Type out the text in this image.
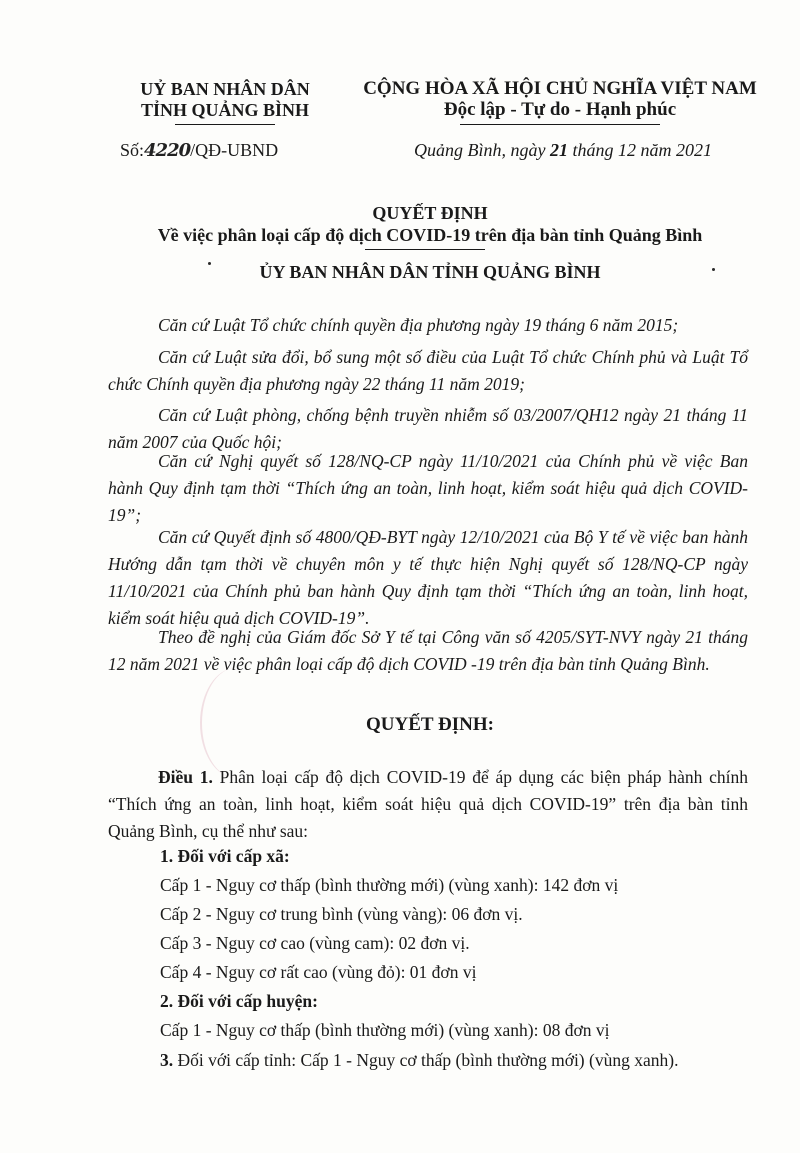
UỶ BAN NHÂN DÂN
TỈNH QUẢNG BÌNH
CỘNG HÒA XÃ HỘI CHỦ NGHĨA VIỆT NAM
Độc lập - Tự do - Hạnh phúc
Số:4220/QĐ-UBND	Quảng Bình, ngày 21 tháng 12 năm 2021
QUYẾT ĐỊNH
Về việc phân loại cấp độ dịch COVID-19 trên địa bàn tỉnh Quảng Bình
ỦY BAN NHÂN DÂN TỈNH QUẢNG BÌNH
Căn cứ Luật Tổ chức chính quyền địa phương ngày 19 tháng 6 năm 2015;
Căn cứ Luật sửa đổi, bổ sung một số điều của Luật Tổ chức Chính phủ và Luật Tổ chức Chính quyền địa phương ngày 22 tháng 11 năm 2019;
Căn cứ Luật phòng, chống bệnh truyền nhiễm số 03/2007/QH12 ngày 21 tháng 11 năm 2007 của Quốc hội;
Căn cứ Nghị quyết số 128/NQ-CP ngày 11/10/2021 của Chính phủ về việc Ban hành Quy định tạm thời “Thích ứng an toàn, linh hoạt, kiểm soát hiệu quả dịch COVID-19”;
Căn cứ Quyết định số 4800/QĐ-BYT ngày 12/10/2021 của Bộ Y tế về việc ban hành Hướng dẫn tạm thời về chuyên môn y tế thực hiện Nghị quyết số 128/NQ-CP ngày 11/10/2021 của Chính phủ ban hành Quy định tạm thời “Thích ứng an toàn, linh hoạt, kiểm soát hiệu quả dịch COVID-19”.
Theo đề nghị của Giám đốc Sở Y tế tại Công văn số 4205/SYT-NVY ngày 21 tháng 12 năm 2021 về việc phân loại cấp độ dịch COVID -19 trên địa bàn tỉnh Quảng Bình.
QUYẾT ĐỊNH:
Điều 1. Phân loại cấp độ dịch COVID-19 để áp dụng các biện pháp hành chính “Thích ứng an toàn, linh hoạt, kiểm soát hiệu quả dịch COVID-19” trên địa bàn tỉnh Quảng Bình, cụ thể như sau:
1. Đối với cấp xã:
Cấp 1 - Nguy cơ thấp (bình thường mới) (vùng xanh): 142 đơn vị
Cấp 2 - Nguy cơ trung bình (vùng vàng): 06 đơn vị.
Cấp 3 - Nguy cơ cao (vùng cam): 02 đơn vị.
Cấp 4 - Nguy cơ rất cao (vùng đỏ): 01 đơn vị
2. Đối với cấp huyện:
Cấp 1 - Nguy cơ thấp (bình thường mới) (vùng xanh): 08 đơn vị
3. Đối với cấp tỉnh: Cấp 1 - Nguy cơ thấp (bình thường mới) (vùng xanh).
